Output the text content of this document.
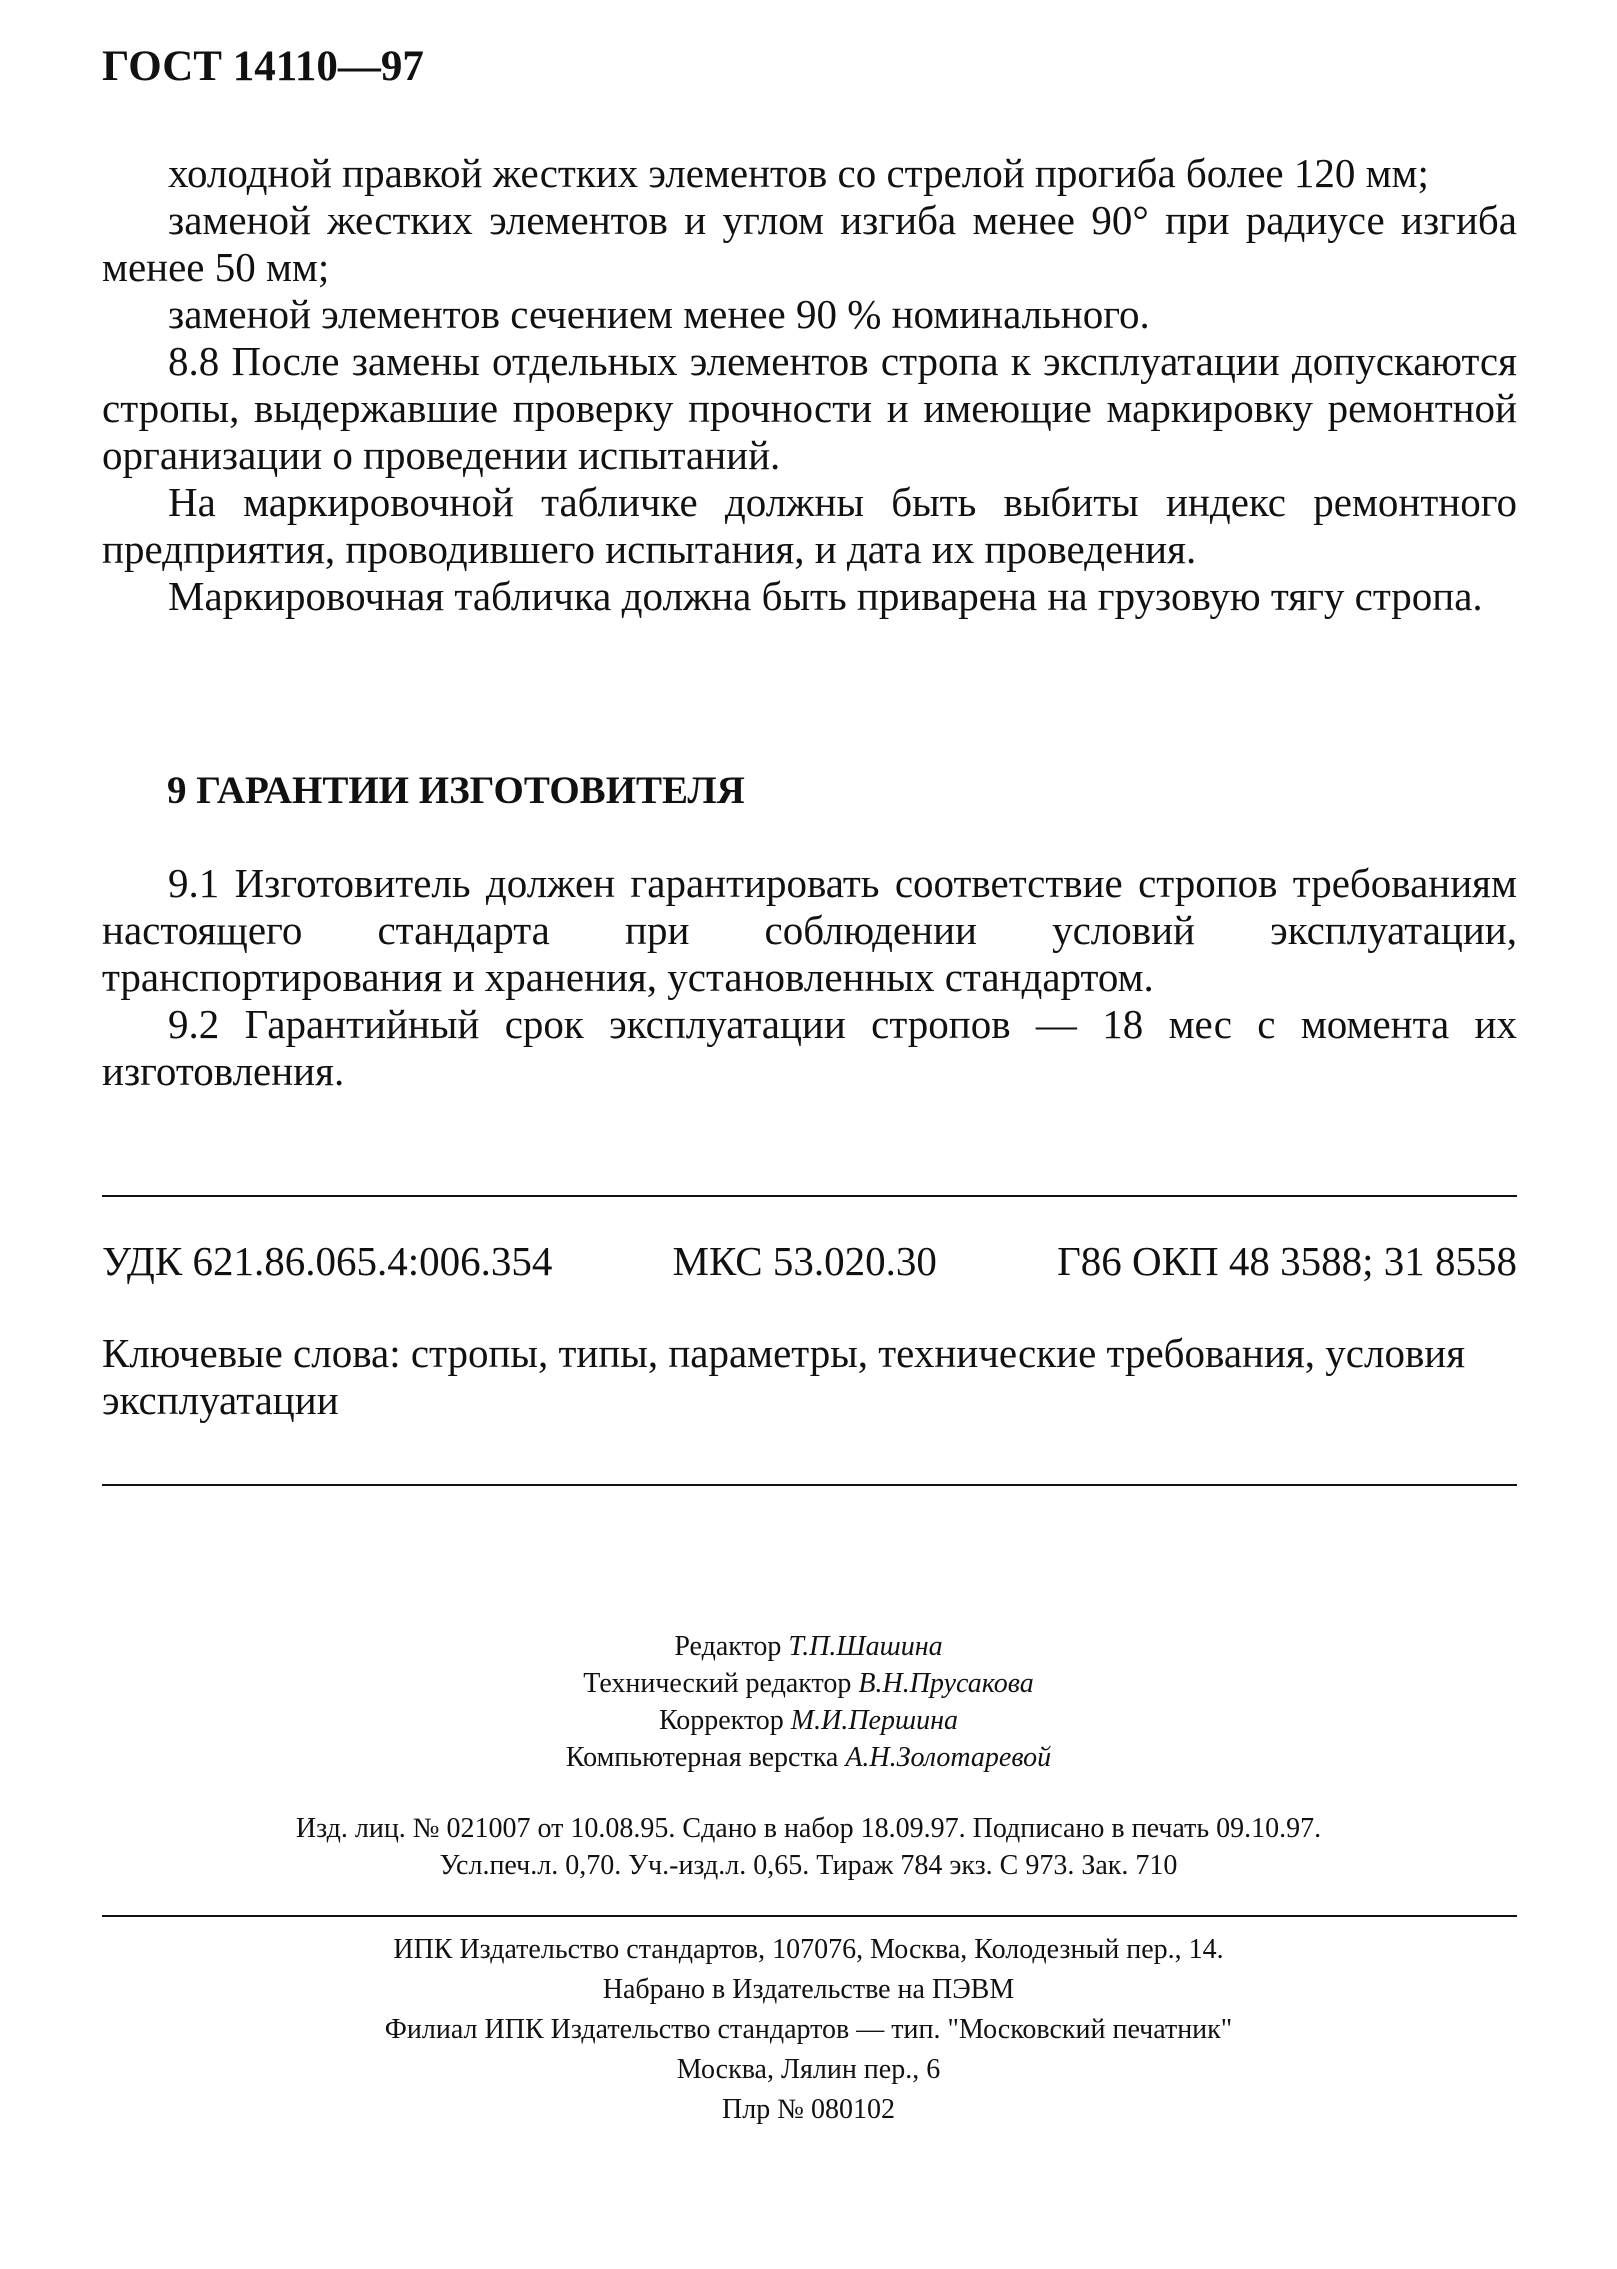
ГОСТ 14110—97

холодной правкой жестких элементов со стрелой прогиба более 120 мм;

заменой жестких элементов и углом изгиба менее 90° при радиусе изгиба менее 50 мм;

заменой элементов сечением менее 90 % номинального.

8.8 После замены отдельных элементов стропа к эксплуатации допускаются стропы, выдержавшие проверку прочности и имеющие маркировку ремонтной организации о проведении испытаний.

На маркировочной табличке должны быть выбиты индекс ремонтного предприятия, проводившего испытания, и дата их проведения.

Маркировочная табличка должна быть приварена на грузовую тягу стропа.

9 ГАРАНТИИ ИЗГОТОВИТЕЛЯ

9.1 Изготовитель должен гарантировать соответствие стропов требованиям настоящего стандарта при соблюдении условий эксплуатации, транспортирования и хранения, установленных стандартом.

9.2 Гарантийный срок эксплуатации стропов — 18 мес с момента их изготовления.

УДК 621.86.065.4:006.354	МКС 53.020.30	Г86 ОКП 48 3588; 31 8558
Ключевые слова: стропы, типы, параметры, технические требования, условия эксплуатации
Редактор Т.П.Шашина
Технический редактор В.Н.Прусакова
Корректор М.И.Першина
Компьютерная верстка А.Н.Золотаревой
Изд. лиц. № 021007 от 10.08.95. Сдано в набор 18.09.97. Подписано в печать 09.10.97.
Усл.печ.л. 0,70. Уч.-изд.л. 0,65. Тираж 784 экз. С 973. Зак. 710
ИПК Издательство стандартов, 107076, Москва, Колодезный пер., 14.
Набрано в Издательстве на ПЭВМ
Филиал ИПК Издательство стандартов — тип. "Московский печатник"
Москва, Лялин пер., 6
Плр № 080102
